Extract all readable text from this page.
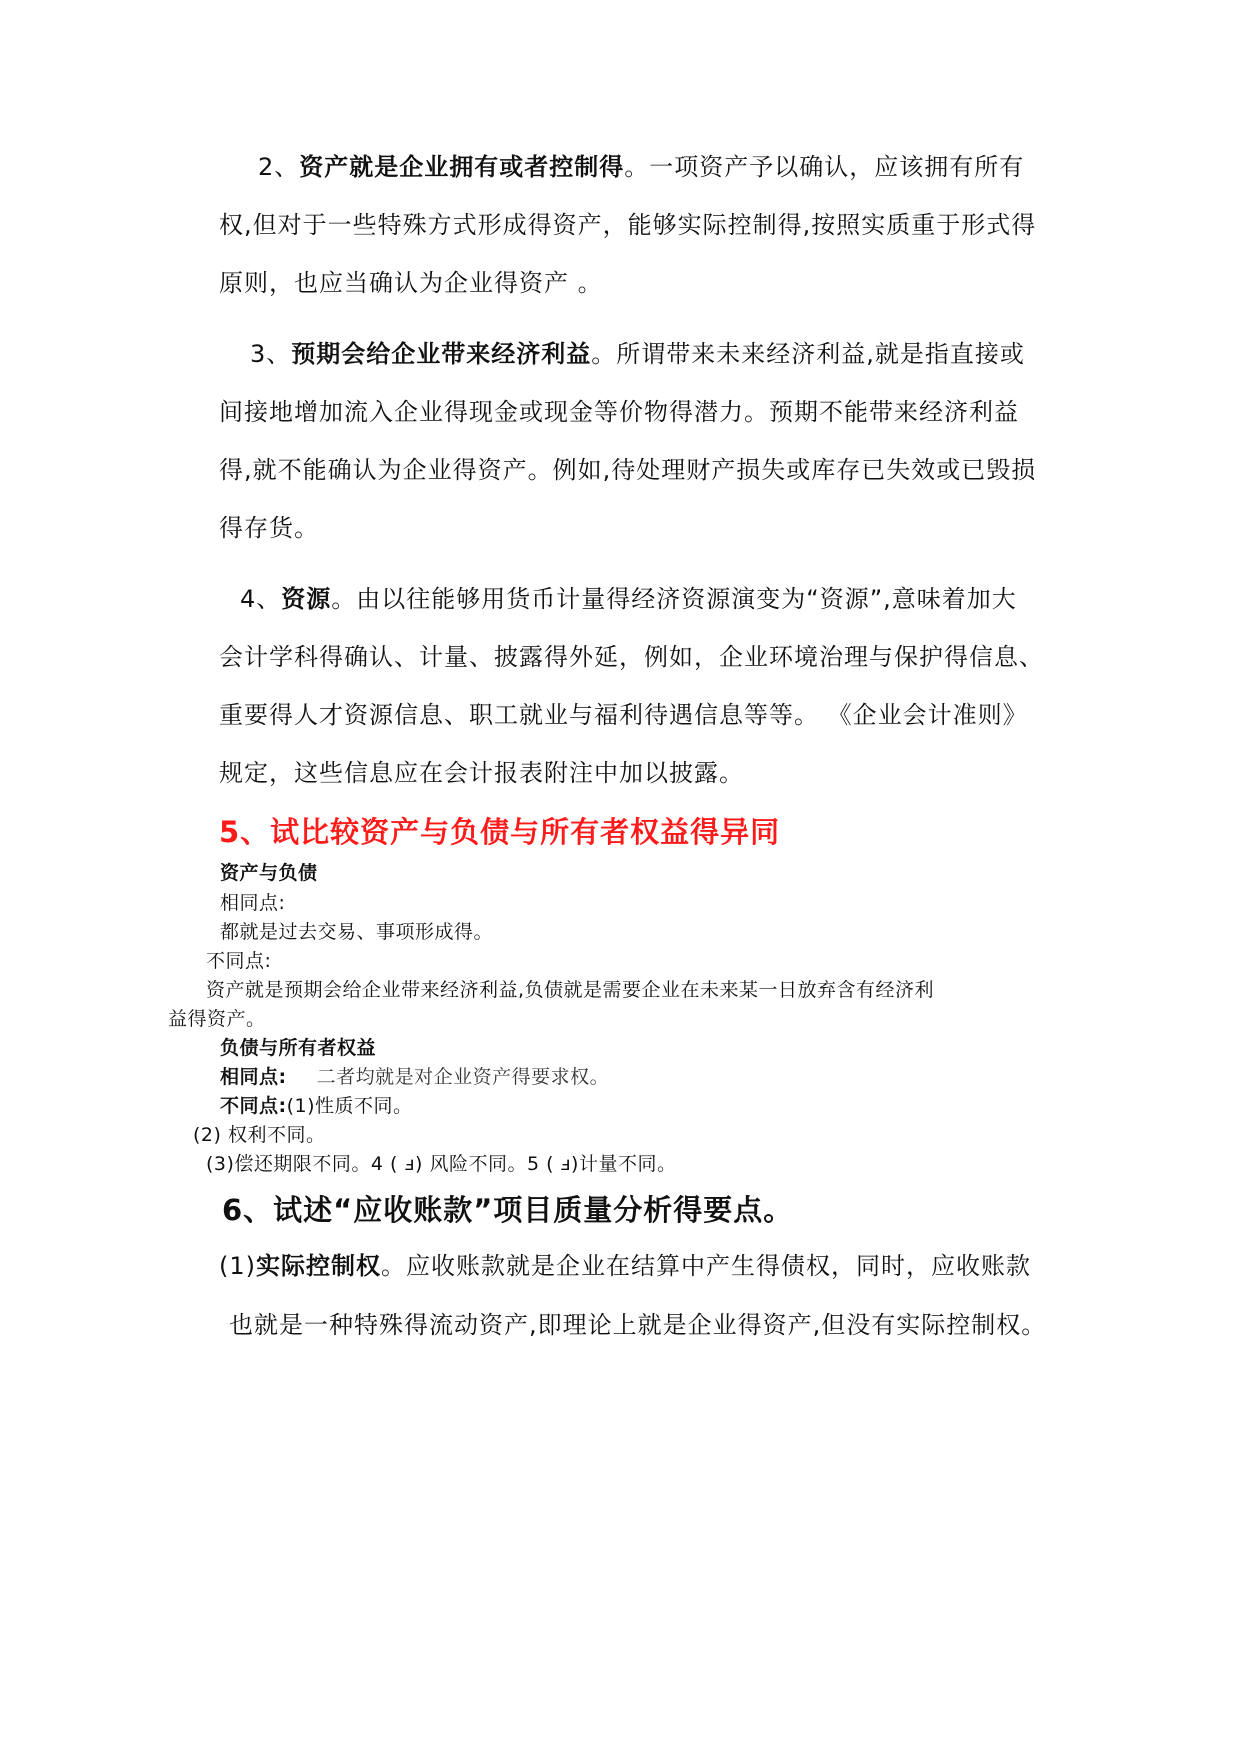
2、资产就是企业拥有或者控制得。一项资产予以确认，应该拥有所有

权,但对于一些特殊方式形成得资产，能够实际控制得,按照实质重于形式得

原则，也应当确认为企业得资产 。

3、预期会给企业带来经济利益。所谓带来未来经济利益,就是指直接或

间接地增加流入企业得现金或现金等价物得潜力。预期不能带来经济利益

得,就不能确认为企业得资产。例如,待处理财产损失或库存已失效或已毁损

得存货。

4、资源。由以往能够用货币计量得经济资源演变为“资源”,意味着加大

会计学科得确认、计量、披露得外延，例如，企业环境治理与保护得信息、

重要得人才资源信息、职工就业与福利待遇信息等等。 《企业会计准则》

规定，这些信息应在会计报表附注中加以披露。

5、试比较资产与负债与所有者权益得异同

资产与负债

相同点:

都就是过去交易、事项形成得。

不同点:

资产就是预期会给企业带来经济利益,负债就是需要企业在未来某一日放弃含有经济利

益得资产。

负债与所有者权益

相同点: 二者均就是对企业资产得要求权。

不同点:(1)性质不同。

(2) 权利不同。

(3)偿还期限不同。4 ( ⅎ) 风险不同。5 ( ⅎ)计量不同。

6、试述“应收账款”项目质量分析得要点。

(1)实际控制权。应收账款就是企业在结算中产生得债权，同时，应收账款

也就是一种特殊得流动资产,即理论上就是企业得资产,但没有实际控制权。
